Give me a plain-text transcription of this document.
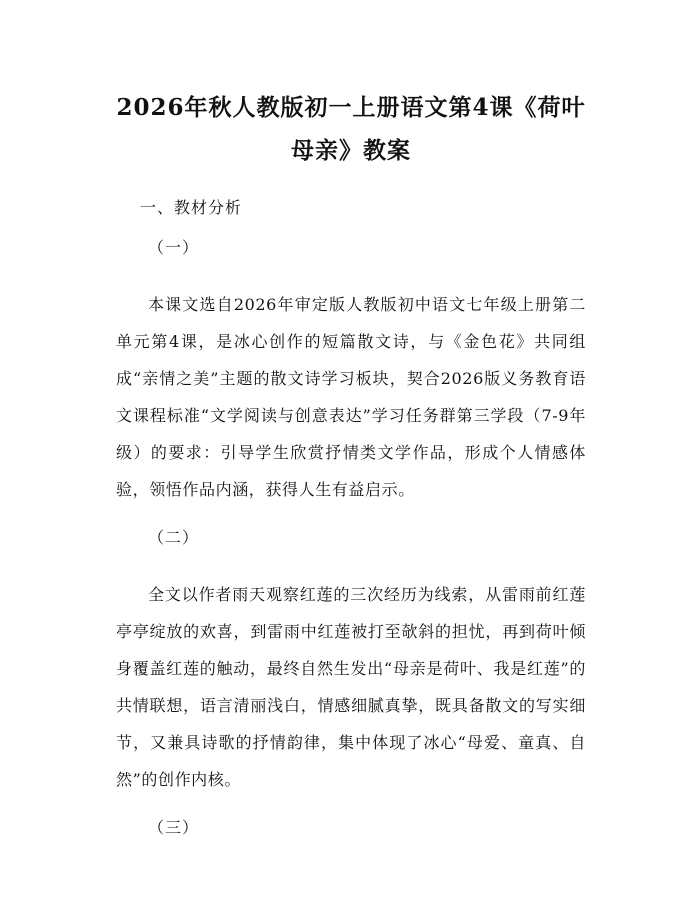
2026年秋人教版初一上册语文第4课《荷叶母亲》教案

一、教材分析

（一）

本课文选自2026年审定版人教版初中语文七年级上册第二单元第4课，是冰心创作的短篇散文诗，与《金色花》共同组成“亲情之美”主题的散文诗学习板块，契合2026版义务教育语文课程标准“文学阅读与创意表达”学习任务群第三学段（7-9年级）的要求：引导学生欣赏抒情类文学作品，形成个人情感体验，领悟作品内涵，获得人生有益启示。

（二）

全文以作者雨天观察红莲的三次经历为线索，从雷雨前红莲亭亭绽放的欢喜，到雷雨中红莲被打至欹斜的担忧，再到荷叶倾身覆盖红莲的触动，最终自然生发出“母亲是荷叶、我是红莲”的共情联想，语言清丽浅白，情感细腻真挚，既具备散文的写实细节，又兼具诗歌的抒情韵律，集中体现了冰心“母爱、童真、自然”的创作内核。

（三）
